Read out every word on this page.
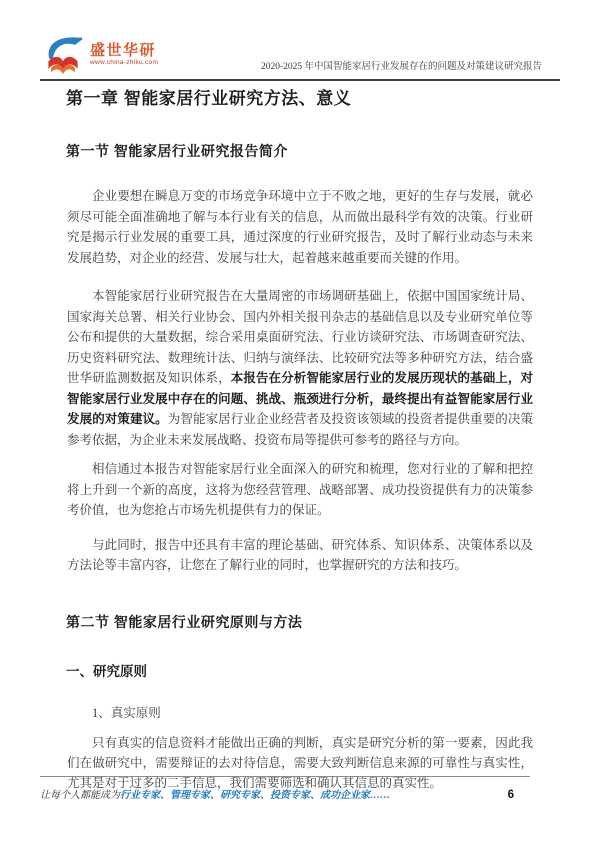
盛世华研
www.china-zhiku.com	2020-2025 年中国智能家居行业发展存在的问题及对策建议研究报告
第一章 智能家居行业研究方法、意义
第一节 智能家居行业研究报告简介

企业要想在瞬息万变的市场竞争环境中立于不败之地，更好的生存与发展，就必须尽可能全面准确地了解与本行业有关的信息，从而做出最科学有效的决策。行业研究是揭示行业发展的重要工具，通过深度的行业研究报告，及时了解行业动态与未来发展趋势，对企业的经营、发展与壮大，起着越来越重要而关键的作用。

本智能家居行业研究报告在大量周密的市场调研基础上，依据中国国家统计局、国家海关总署、相关行业协会、国内外相关报刊杂志的基础信息以及专业研究单位等公布和提供的大量数据，综合采用桌面研究法、行业访谈研究法、市场调查研究法、历史资料研究法、数理统计法、归纳与演绎法、比较研究法等多种研究方法，结合盛世华研监测数据及知识体系，本报告在分析智能家居行业的发展历现状的基础上，对智能家居行业发展中存在的问题、挑战、瓶颈进行分析，最终提出有益智能家居行业发展的对策建议。为智能家居行业企业经营者及投资该领域的投资者提供重要的决策参考依据，为企业未来发展战略、投资布局等提供可参考的路径与方向。

相信通过本报告对智能家居行业全面深入的研究和梳理，您对行业的了解和把控将上升到一个新的高度，这将为您经营管理、战略部署、成功投资提供有力的决策参考价值，也为您抢占市场先机提供有力的保证。

与此同时，报告中还具有丰富的理论基础、研究体系、知识体系、决策体系以及方法论等丰富内容，让您在了解行业的同时，也掌握研究的方法和技巧。

第二节 智能家居行业研究原则与方法
一、研究原则
1、真实原则

只有真实的信息资料才能做出正确的判断，真实是研究分析的第一要素，因此我们在做研究中，需要辩证的去对待信息，需要大致判断信息来源的可靠性与真实性，尤其是对于过多的二手信息，我们需要筛选和确认其信息的真实性。

让每个人都能成为行业专家、管理专家、研究专家、投资专家、成功企业家……	6
